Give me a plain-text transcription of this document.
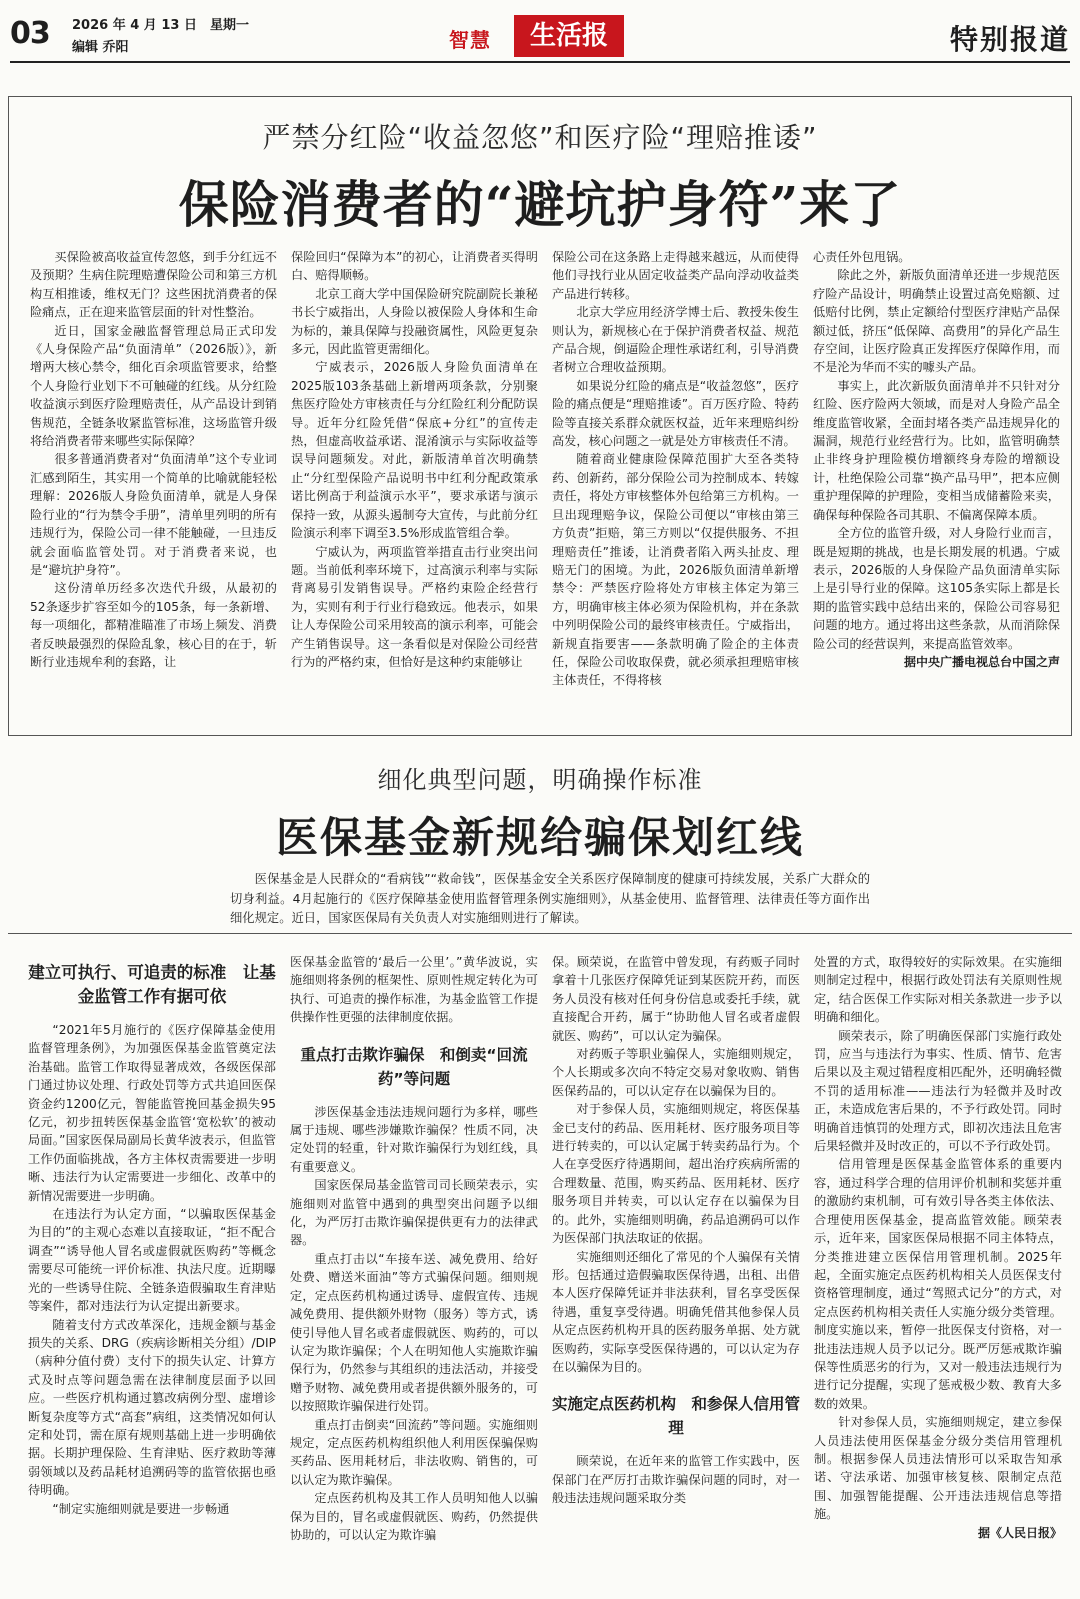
03 2026 年 4 月 13 日　星期一
编辑 乔阳	智慧	生活报	特别报道
严禁分红险“收益忽悠”和医疗险“理赔推诿”
保险消费者的“避坑护身符”来了

买保险被高收益宣传忽悠，到手分红远不及预期？生病住院理赔遭保险公司和第三方机构互相推诿，维权无门？这些困扰消费者的保险痛点，正在迎来监管层面的针对性整治。

近日，国家金融监督管理总局正式印发《人身保险产品“负面清单”（2026版）》，新增两大核心禁令，细化百余项监管要求，给整个人身险行业划下不可触碰的红线。从分红险收益演示到医疗险理赔责任，从产品设计到销售规范，全链条收紧监管标准，这场监管升级将给消费者带来哪些实际保障？

很多普通消费者对“负面清单”这个专业词汇感到陌生，其实用一个简单的比喻就能轻松理解：2026版人身险负面清单，就是人身保险行业的“行为禁令手册”，清单里列明的所有违规行为，保险公司一律不能触碰，一旦违反就会面临监管处罚。对于消费者来说，也是“避坑护身符”。

这份清单历经多次迭代升级，从最初的52条逐步扩容至如今的105条，每一条新增、每一项细化，都精准瞄准了市场上频发、消费者反映最强烈的保险乱象，核心目的在于，斩断行业违规牟利的套路，让

保险回归“保障为本”的初心，让消费者买得明白、赔得顺畅。

北京工商大学中国保险研究院副院长兼秘书长宁威指出，人身险以被保险人身体和生命为标的，兼具保障与投融资属性，风险更复杂多元，因此监管更需细化。

宁威表示，2026版人身险负面清单在2025版103条基础上新增两项条款，分别聚焦医疗险处方审核责任与分红险红利分配防误导。近年分红险凭借“保底+分红”的宣传走热，但虚高收益承诺、混淆演示与实际收益等误导问题频发。对此，新版清单首次明确禁止“分红型保险产品说明书中红利分配政策承诺比例高于利益演示水平”，要求承诺与演示保持一致，从源头遏制夸大宣传，与此前分红险演示利率下调至3.5%形成监管组合拳。

宁威认为，两项监管举措直击行业突出问题。当前低利率环境下，过高演示利率与实际背离易引发销售误导。严格约束险企经营行为，实则有利于行业行稳致远。他表示，如果让人寿保险公司采用较高的演示利率，可能会产生销售误导。这一条看似是对保险公司经营行为的严格约束，但恰好是这种约束能够让

保险公司在这条路上走得越来越远，从而使得他们寻找行业从固定收益类产品向浮动收益类产品进行转移。

北京大学应用经济学博士后、教授朱俊生则认为，新规核心在于保护消费者权益、规范产品合规，倒逼险企理性承诺红利，引导消费者树立合理收益预期。

如果说分红险的痛点是“收益忽悠”，医疗险的痛点便是“理赔推诿”。百万医疗险、特药险等直接关系群众就医权益，近年来理赔纠纷高发，核心问题之一就是处方审核责任不清。

随着商业健康险保障范围扩大至各类特药、创新药，部分保险公司为控制成本、转嫁责任，将处方审核整体外包给第三方机构。一旦出现理赔争议，保险公司便以“审核由第三方负责”拒赔，第三方则以“仅提供服务、不担理赔责任”推诿，让消费者陷入两头扯皮、理赔无门的困境。为此，2026版负面清单新增禁令：严禁医疗险将处方审核主体定为第三方，明确审核主体必须为保险机构，并在条款中列明保险公司的最终审核责任。宁威指出，新规直指要害——条款明确了险企的主体责任，保险公司收取保费，就必须承担理赔审核主体责任，不得将核

心责任外包甩锅。

除此之外，新版负面清单还进一步规范医疗险产品设计，明确禁止设置过高免赔额、过低赔付比例，禁止定额给付型医疗津贴产品保额过低，挤压“低保障、高费用”的异化产品生存空间，让医疗险真正发挥医疗保障作用，而不是沦为华而不实的噱头产品。

事实上，此次新版负面清单并不只针对分红险、医疗险两大领域，而是对人身险产品全维度监管收紧，全面封堵各类产品违规异化的漏洞，规范行业经营行为。比如，监管明确禁止非终身护理险模仿增额终身寿险的增额设计，杜绝保险公司靠“换产品马甲”，把本应侧重护理保障的护理险，变相当成储蓄险来卖，确保每种保险各司其职、不偏离保障本质。

全方位的监管升级，对人身险行业而言，既是短期的挑战，也是长期发展的机遇。宁威表示，2026版的人身保险产品负面清单实际上是引导行业的保障。这105条实际上都是长期的监管实践中总结出来的，保险公司容易犯问题的地方。通过将出这些条款，从而消除保险公司的经营误判，来提高监管效率。

据中央广播电视总台中国之声
细化典型问题，明确操作标准
医保基金新规给骗保划红线
医保基金是人民群众的“看病钱”“救命钱”，医保基金安全关系医疗保障制度的健康可持续发展，关系广大群众的切身利益。4月起施行的《医疗保障基金使用监督管理条例实施细则》，从基金使用、监督管理、法律责任等方面作出细化规定。近日，国家医保局有关负责人对实施细则进行了解读。
建立可执行、可追责的标准　让基金监管工作有据可依

“2021年5月施行的《医疗保障基金使用监督管理条例》，为加强医保基金监管奠定法治基础。监管工作取得显著成效，各级医保部门通过协议处理、行政处罚等方式共追回医保资金约1200亿元，智能监管挽回基金损失95亿元，初步扭转医保基金监管‘宽松软’的被动局面。”国家医保局副局长黄华波表示，但监管工作仍面临挑战，各方主体权责需要进一步明晰、违法行为认定需要进一步细化、改革中的新情况需要进一步明确。

在违法行为认定方面，“以骗取医保基金为目的”的主观心态难以直接取证，“拒不配合调查”“诱导他人冒名或虚假就医购药”等概念需要尽可能统一评价标准、执法尺度。近期曝光的一些诱导住院、全链条造假骗取生育津贴等案件，都对违法行为认定提出新要求。

随着支付方式改革深化，违规金额与基金损失的关系、DRG（疾病诊断相关分组）/DIP（病种分值付费）支付下的损失认定、计算方式及时点等问题急需在法律制度层面予以回应。一些医疗机构通过篡改病例分型、虚增诊断复杂度等方式“高套”病组，这类情况如何认定和处罚，需在原有规则基础上进一步明确依据。长期护理保险、生育津贴、医疗救助等薄弱领域以及药品耗材追溯码等的监管依据也亟待明确。

“制定实施细则就是要进一步畅通

医保基金监管的‘最后一公里’。”黄华波说，实施细则将条例的框架性、原则性规定转化为可执行、可追责的操作标准，为基金监管工作提供操作性更强的法律制度依据。

重点打击欺诈骗保　和倒卖“回流药”等问题

涉医保基金违法违规问题行为多样，哪些属于违规、哪些涉嫌欺诈骗保？性质不同，决定处罚的轻重，针对欺诈骗保行为划红线，具有重要意义。

国家医保局基金监管司司长顾荣表示，实施细则对监管中遇到的典型突出问题予以细化，为严厉打击欺诈骗保提供更有力的法律武器。

重点打击以“车接车送、减免费用、给好处费、赠送米面油”等方式骗保问题。细则规定，定点医药机构通过诱导、虚假宣传、违规减免费用、提供额外财物（服务）等方式，诱使引导他人冒名或者虚假就医、购药的，可以认定为欺诈骗保；个人在明知他人实施欺诈骗保行为，仍然参与其组织的违法活动，并接受赠予财物、减免费用或者提供额外服务的，可以按照欺诈骗保进行处罚。

重点打击倒卖“回流药”等问题。实施细则规定，定点医药机构组织他人利用医保骗保购买药品、医用耗材后，非法收购、销售的，可以认定为欺诈骗保。

定点医药机构及其工作人员明知他人以骗保为目的，冒名或虚假就医、购药，仍然提供协助的，可以认定为欺诈骗

保。顾荣说，在监管中曾发现，有药贩子同时拿着十几张医疗保障凭证到某医院开药，而医务人员没有核对任何身份信息或委托手续，就直接配合开药，属于“协助他人冒名或者虚假就医、购药”，可以认定为骗保。

对药贩子等职业骗保人，实施细则规定，个人长期或多次向不特定交易对象收购、销售医保药品的，可以认定存在以骗保为目的。

对于参保人员，实施细则规定，将医保基金已支付的药品、医用耗材、医疗服务项目等进行转卖的，可以认定属于转卖药品行为。个人在享受医疗待遇期间，超出治疗疾病所需的合理数量、范围，购买药品、医用耗材、医疗服务项目并转卖，可以认定存在以骗保为目的。此外，实施细则明确，药品追溯码可以作为医保部门执法取证的依据。

实施细则还细化了常见的个人骗保有关情形。包括通过造假骗取医保待遇，出租、出借本人医疗保障凭证并非法获利，冒名享受医保待遇，重复享受待遇。明确凭借其他参保人员从定点医药机构开具的医药服务单据、处方就医购药，实际享受医保待遇的，可以认定为存在以骗保为目的。

实施定点医药机构　和参保人信用管理

顾荣说，在近年来的监管工作实践中，医保部门在严厉打击欺诈骗保问题的同时，对一般违法违规问题采取分类

处置的方式，取得较好的实际效果。在实施细则制定过程中，根据行政处罚法有关原则性规定，结合医保工作实际对相关条款进一步予以明确和细化。

顾荣表示，除了明确医保部门实施行政处罚，应当与违法行为事实、性质、情节、危害后果以及主观过错程度相匹配外，还明确轻微不罚的适用标准——违法行为轻微并及时改正，未造成危害后果的，不予行政处罚。同时明确首违慎罚的处理方式，即初次违法且危害后果轻微并及时改正的，可以不予行政处罚。

信用管理是医保基金监管体系的重要内容，通过科学合理的信用评价机制和奖惩并重的激励约束机制，可有效引导各类主体依法、合理使用医保基金，提高监管效能。顾荣表示，近年来，国家医保局根据不同主体特点，分类推进建立医保信用管理机制。2025年起，全面实施定点医药机构相关人员医保支付资格管理制度，通过“驾照式记分”的方式，对定点医药机构相关责任人实施分级分类管理。制度实施以来，暂停一批医保支付资格，对一批违法违规人员予以记分。既严厉惩戒欺诈骗保等性质恶劣的行为，又对一般违法违规行为进行记分提醒，实现了惩戒极少数、教育大多数的效果。

针对参保人员，实施细则规定，建立参保人员违法使用医保基金分级分类信用管理机制。根据参保人员违法情形可以采取告知承诺、守法承诺、加强审核复核、限制定点范围、加强智能提醒、公开违法违规信息等措施。

据《人民日报》
